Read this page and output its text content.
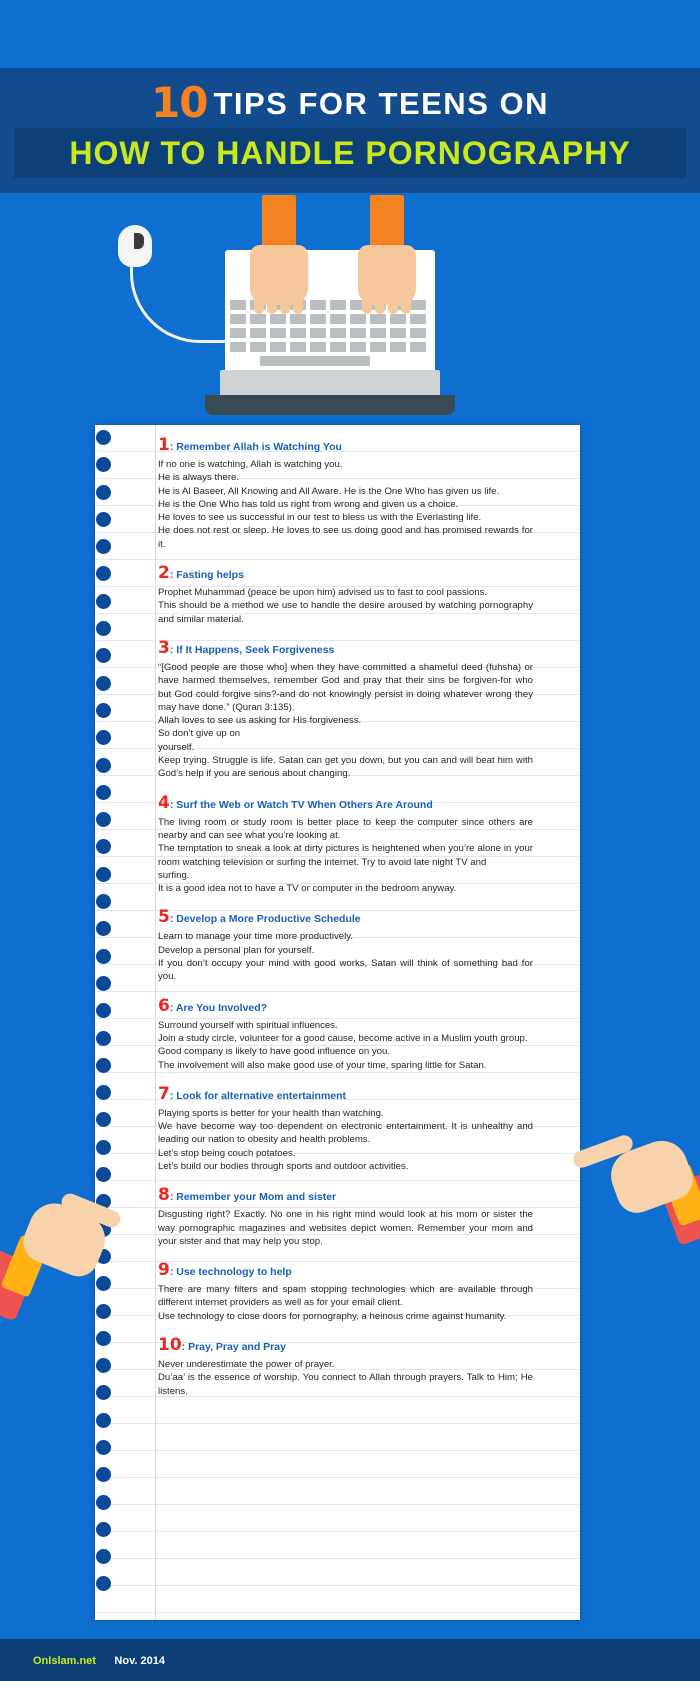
10 TIPS FOR TEENS ON
HOW TO HANDLE PORNOGRAPHY
1: Remember Allah is Watching You

If no one is watching, Allah is watching you.

He is always there.

He is Al Baseer, All Knowing and All Aware. He is the One Who has given us life.

He is the One Who has told us right from wrong and given us a choice.

He loves to see us successful in our test to bless us with the Everlasting life.

He does not rest or sleep. He loves to see us doing good and has promised rewards for it.

2: Fasting helps

Prophet Muhammad (peace be upon him) advised us to fast to cool passions.

This should be a method we use to handle the desire aroused by watching pornography and similar material.

3: If It Happens, Seek Forgiveness

“[Good people are those who] when they have committed a shameful deed (fuhsha) or have harmed themselves, remember God and pray that their sins be forgiven-for who but God could forgive sins?-and do not knowingly persist in doing whatever wrong they may have done.” (Quran 3:135).

Allah loves to see us asking for His forgiveness.

So don’t give up on

yourself.

Keep trying. Struggle is life. Satan can get you down, but you can and will beat him with God’s help if you are serious about changing.

4: Surf the Web or Watch TV When Others Are Around

The living room or study room is better place to keep the computer since others are nearby and can see what you’re looking at.

The temptation to sneak a look at dirty pictures is heightened when you’re alone in your room watching television or surfing the internet. Try to avoid late night TV and

surfing.

It is a good idea not to have a TV or computer in the bedroom anyway.

5: Develop a More Productive Schedule

Learn to manage your time more productively.

Develop a personal plan for yourself.

If you don’t occupy your mind with good works, Satan will think of something bad for you.

6: Are You Involved?

Surround yourself with spiritual influences.

Join a study circle, volunteer for a good cause, become active in a Muslim youth group.

Good company is likely to have good influence on you.

The involvement will also make good use of your time, sparing little for Satan.

7: Look for alternative entertainment

Playing sports is better for your health than watching.

We have become way too dependent on electronic entertainment. It is unhealthy and leading our nation to obesity and health problems.

Let’s stop being couch potatoes.

Let’s build our bodies through sports and outdoor activities.

8: Remember your Mom and sister

Disgusting right? Exactly. No one in his right mind would look at his mom or sister the way pornographic magazines and websites depict women. Remember your mom and your sister and that may help you stop.

9: Use technology to help

There are many filters and spam stopping technologies which are available through different internet providers as well as for your email client.

Use technology to close doors for pornography, a heinous crime against humanity.

10: Pray, Pray and Pray

Never underestimate the power of prayer.

Du’aa’ is the essence of worship. You connect to Allah through prayers. Talk to Him; He listens.

OnIslam.net Nov. 2014
